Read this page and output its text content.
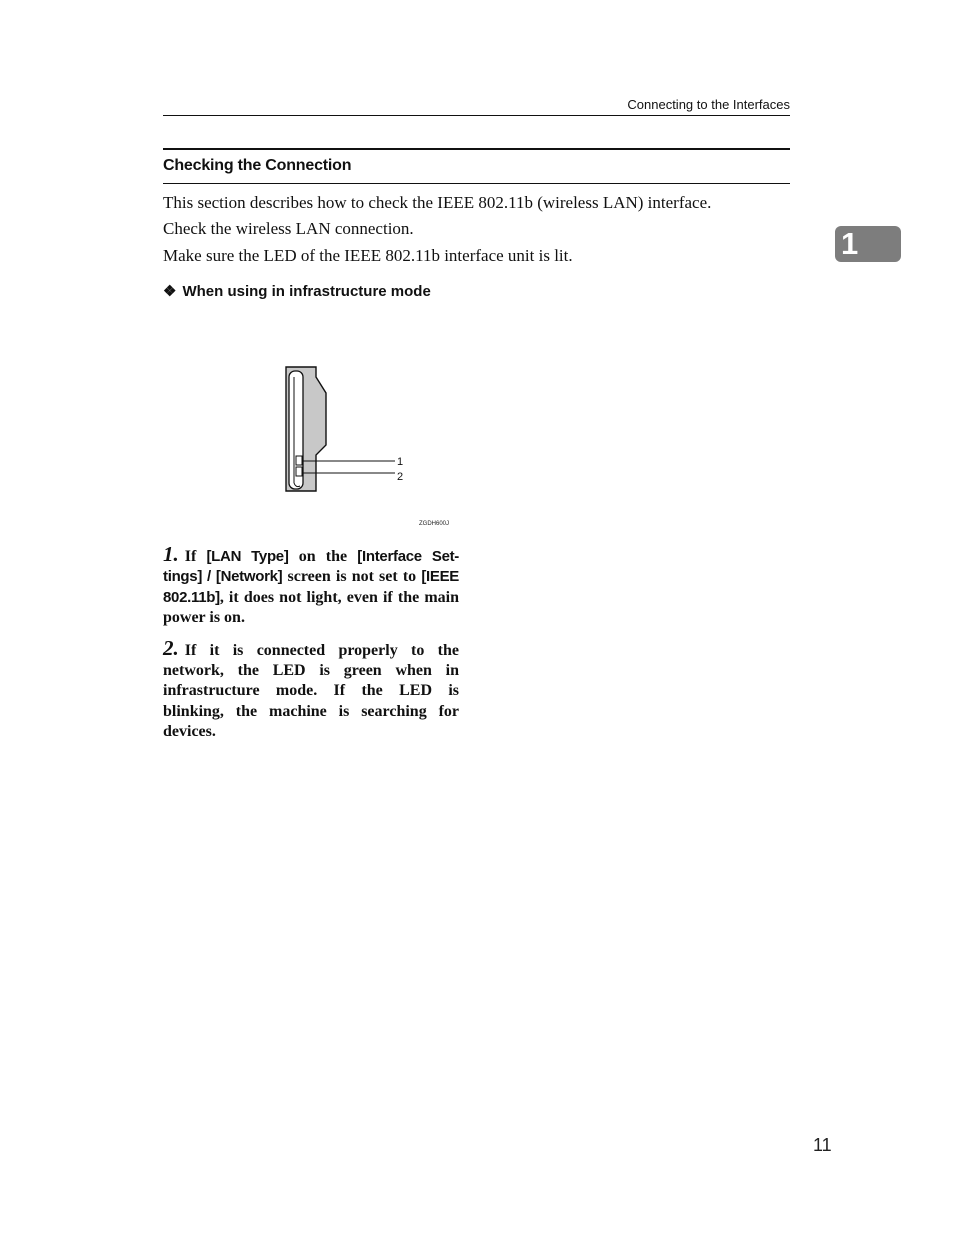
Connecting to the Interfaces
Checking the Connection
1
This section describes how to check the IEEE 802.11b (wireless LAN) interface.
Check the wireless LAN connection.
Make sure the LED of the IEEE 802.11b interface unit is lit.
❖ When using in infrastructure mode
1
2
ZGDH600J

1. If [LAN Type] on the [Interface Set-tings] / [Network] screen is not set to [IEEE 802.11b], it does not light, even if the main power is on.

2. If it is connected properly to the network, the LED is green when in infrastructure mode. If the LED is blinking, the machine is searching for devices.

11
